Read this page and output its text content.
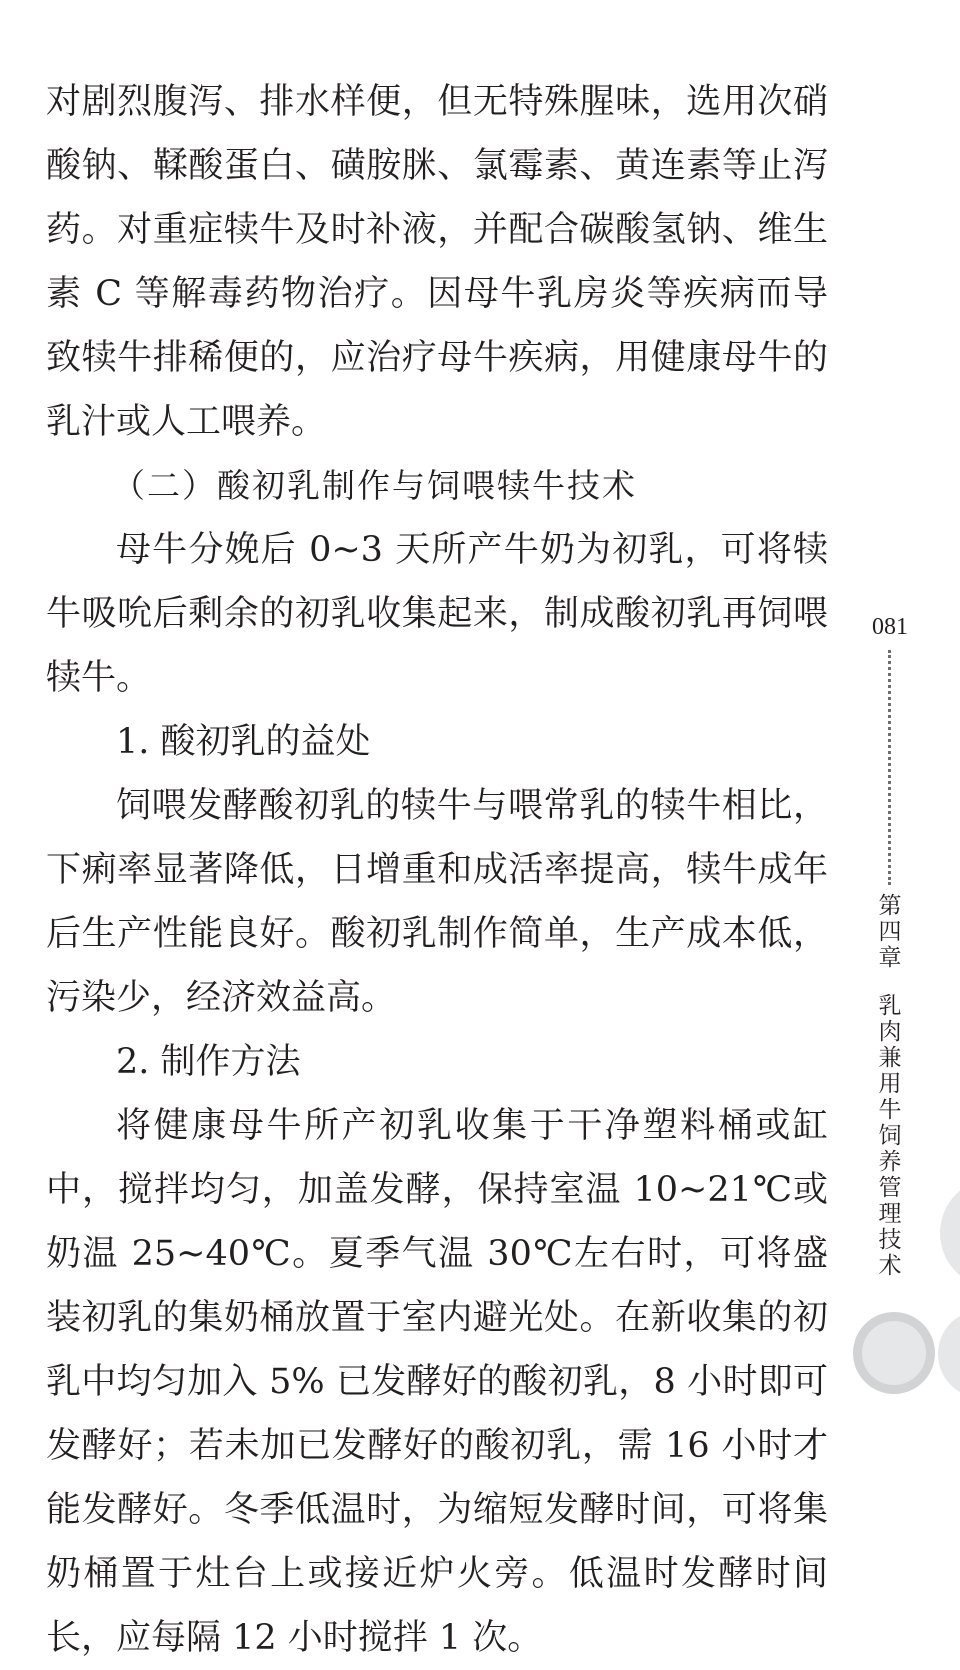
对剧烈腹泻、排水样便，但无特殊腥味，选用次硝酸钠、鞣酸蛋白、磺胺脒、氯霉素、黄连素等止泻药。对重症犊牛及时补液，并配合碳酸氢钠、维生素 C 等解毒药物治疗。因母牛乳房炎等疾病而导致犊牛排稀便的，应治疗母牛疾病，用健康母牛的乳汁或人工喂养。

（二）酸初乳制作与饲喂犊牛技术

母牛分娩后 0~3 天所产牛奶为初乳，可将犊牛吸吮后剩余的初乳收集起来，制成酸初乳再饲喂犊牛。

1. 酸初乳的益处

饲喂发酵酸初乳的犊牛与喂常乳的犊牛相比，下痢率显著降低，日增重和成活率提高，犊牛成年后生产性能良好。酸初乳制作简单，生产成本低，污染少，经济效益高。

2. 制作方法

将健康母牛所产初乳收集于干净塑料桶或缸中，搅拌均匀，加盖发酵，保持室温 10~21℃或奶温 25~40℃。夏季气温 30℃左右时，可将盛装初乳的集奶桶放置于室内避光处。在新收集的初乳中均匀加入 5% 已发酵好的酸初乳，8 小时即可发酵好；若未加已发酵好的酸初乳，需 16 小时才能发酵好。冬季低温时，为缩短发酵时间，可将集奶桶置于灶台上或接近炉火旁。低温时发酵时间长，应每隔 12 小时搅拌 1 次。

081
第
四
章
乳
肉
兼
用
牛
饲
养
管
理
技
术
